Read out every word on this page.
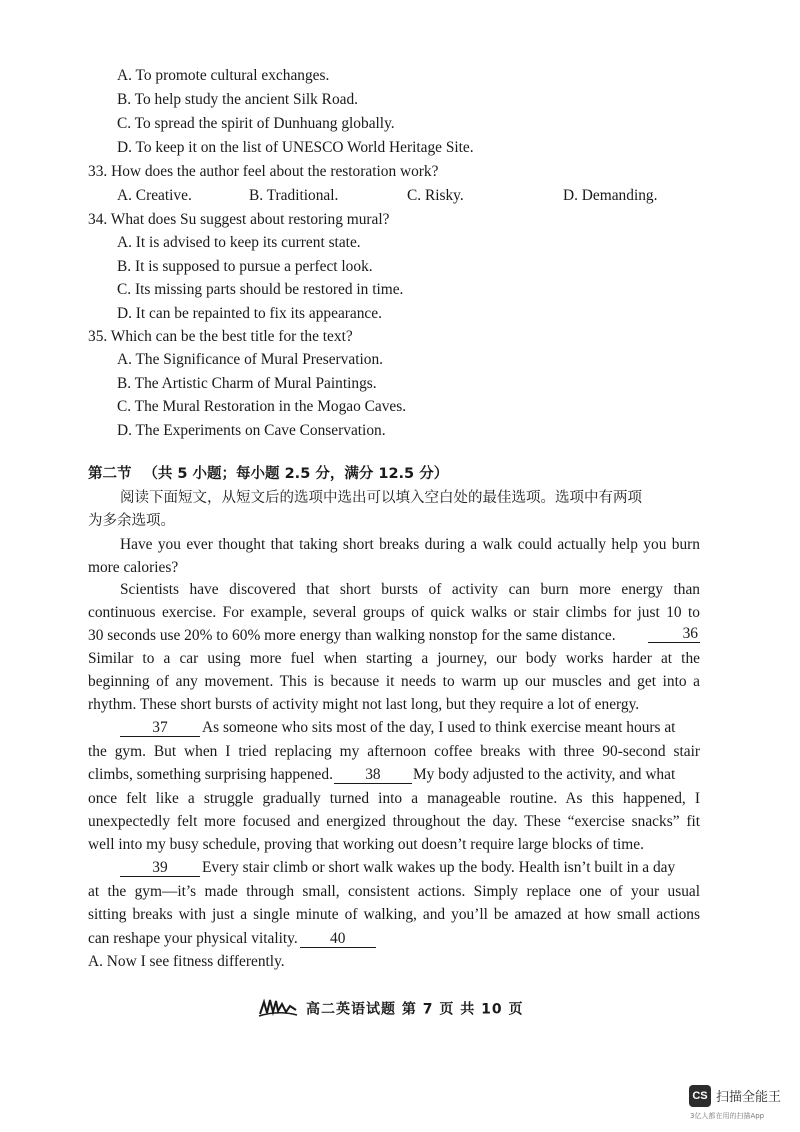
A. To promote cultural exchanges.
B. To help study the ancient Silk Road.
C. To spread the spirit of Dunhuang globally.
D. To keep it on the list of UNESCO World Heritage Site.
33. How does the author feel about the restoration work?
A. Creative.	B. Traditional.	C. Risky.	D. Demanding.
34. What does Su suggest about restoring mural?
A. It is advised to keep its current state.
B. It is supposed to pursue a perfect look.
C. Its missing parts should be restored in time.
D. It can be repainted to fix its appearance.
35. Which can be the best title for the text?
A. The Significance of Mural Preservation.
B. The Artistic Charm of Mural Paintings.
C. The Mural Restoration in the Mogao Caves.
D. The Experiments on Cave Conservation.
第二节 （共 5 小题；每小题 2.5 分，满分 12.5 分）
阅读下面短文，从短文后的选项中选出可以填入空白处的最佳选项。选项中有两项
为多余选项。
Have you ever thought that taking short breaks during a walk could actually help you burn
more calories?
Scientists have discovered that short bursts of activity can burn more energy than
continuous exercise. For example, several groups of quick walks or stair climbs for just 10 to
30 seconds use 20% to 60% more energy than walking nonstop for the same distance.	36
Similar to a car using more fuel when starting a journey, our body works harder at the
beginning of any movement. This is because it needs to warm up our muscles and get into a
rhythm. These short bursts of activity might not last long, but they require a lot of energy.
37 As someone who sits most of the day, I used to think exercise meant hours at
the gym. But when I tried replacing my afternoon coffee breaks with three 90-second stair
climbs, something surprising happened. 38 My body adjusted to the activity, and what
once felt like a struggle gradually turned into a manageable routine. As this happened, I
unexpectedly felt more focused and energized throughout the day. These “exercise snacks” fit
well into my busy schedule, proving that working out doesn’t require large blocks of time.
39 Every stair climb or short walk wakes up the body. Health isn’t built in a day
at the gym—it’s made through small, consistent actions. Simply replace one of your usual
sitting breaks with just a single minute of walking, and you’ll be amazed at how small actions
can reshape your physical vitality. 40
A. Now I see fitness differently.
高二英语试题 第 7 页 共 10 页
CS 扫描全能王
3亿人都在用的扫描App
